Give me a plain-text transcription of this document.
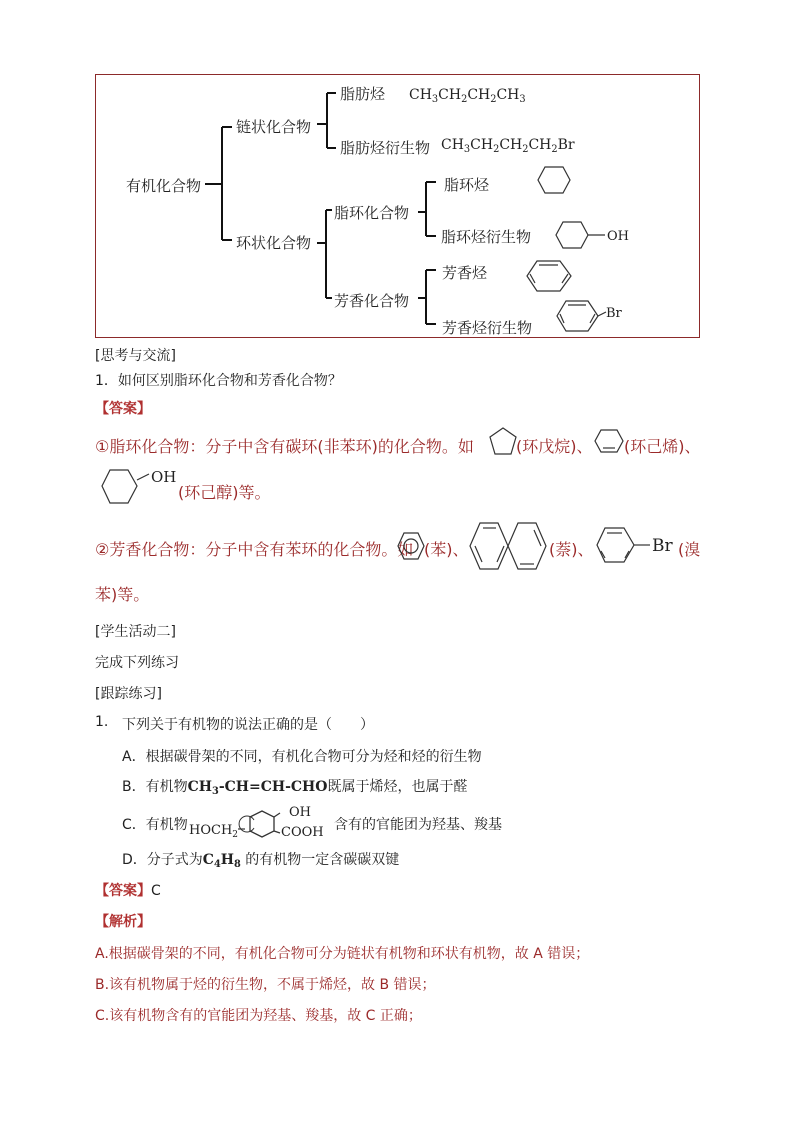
有机化合物
链状化合物
脂肪烃 $CH_3CH_2CH_2CH_3$
脂肪烃衍生物 $CH_3CH_2CH_2CH_2Br$
环状化合物
脂环化合物
脂环烃
脂环烃衍生物	OH
芳香化合物
芳香烃
芳香烃衍生物
Br
[思考与交流]
1．如何区别脂环化合物和芳香化合物？
【答案】
①脂环化合物：分子中含有碳环(非苯环)的化合物。如	(环戊烷)、 (环己烯)、
OH
(环己醇)等。
②芳香化合物：分子中含有苯环的化合物。如 (苯)、	(萘)、	Br (溴
苯)等。
[学生活动二]
完成下列练习
[跟踪练习]
1. 下列关于有机物的说法正确的是（　　）
A．根据碳骨架的不同，有机化合物可分为烃和烃的衍生物
B．有机物$CH_3-CH=CH$-CHO既属于烯烃，也属于醛
C．有机物 $HOCH_2$
OH
COOH 含有的官能团为羟基、羧基
D．分子式为$C_4H_8$ 的有机物一定含碳碳双键
【答案】C
【解析】
A.根据碳骨架的不同，有机化合物可分为链状有机物和环状有机物，故 A 错误；
B.该有机物属于烃的衍生物，不属于烯烃，故 B 错误；
C.该有机物含有的官能团为羟基、羧基，故 C 正确；
